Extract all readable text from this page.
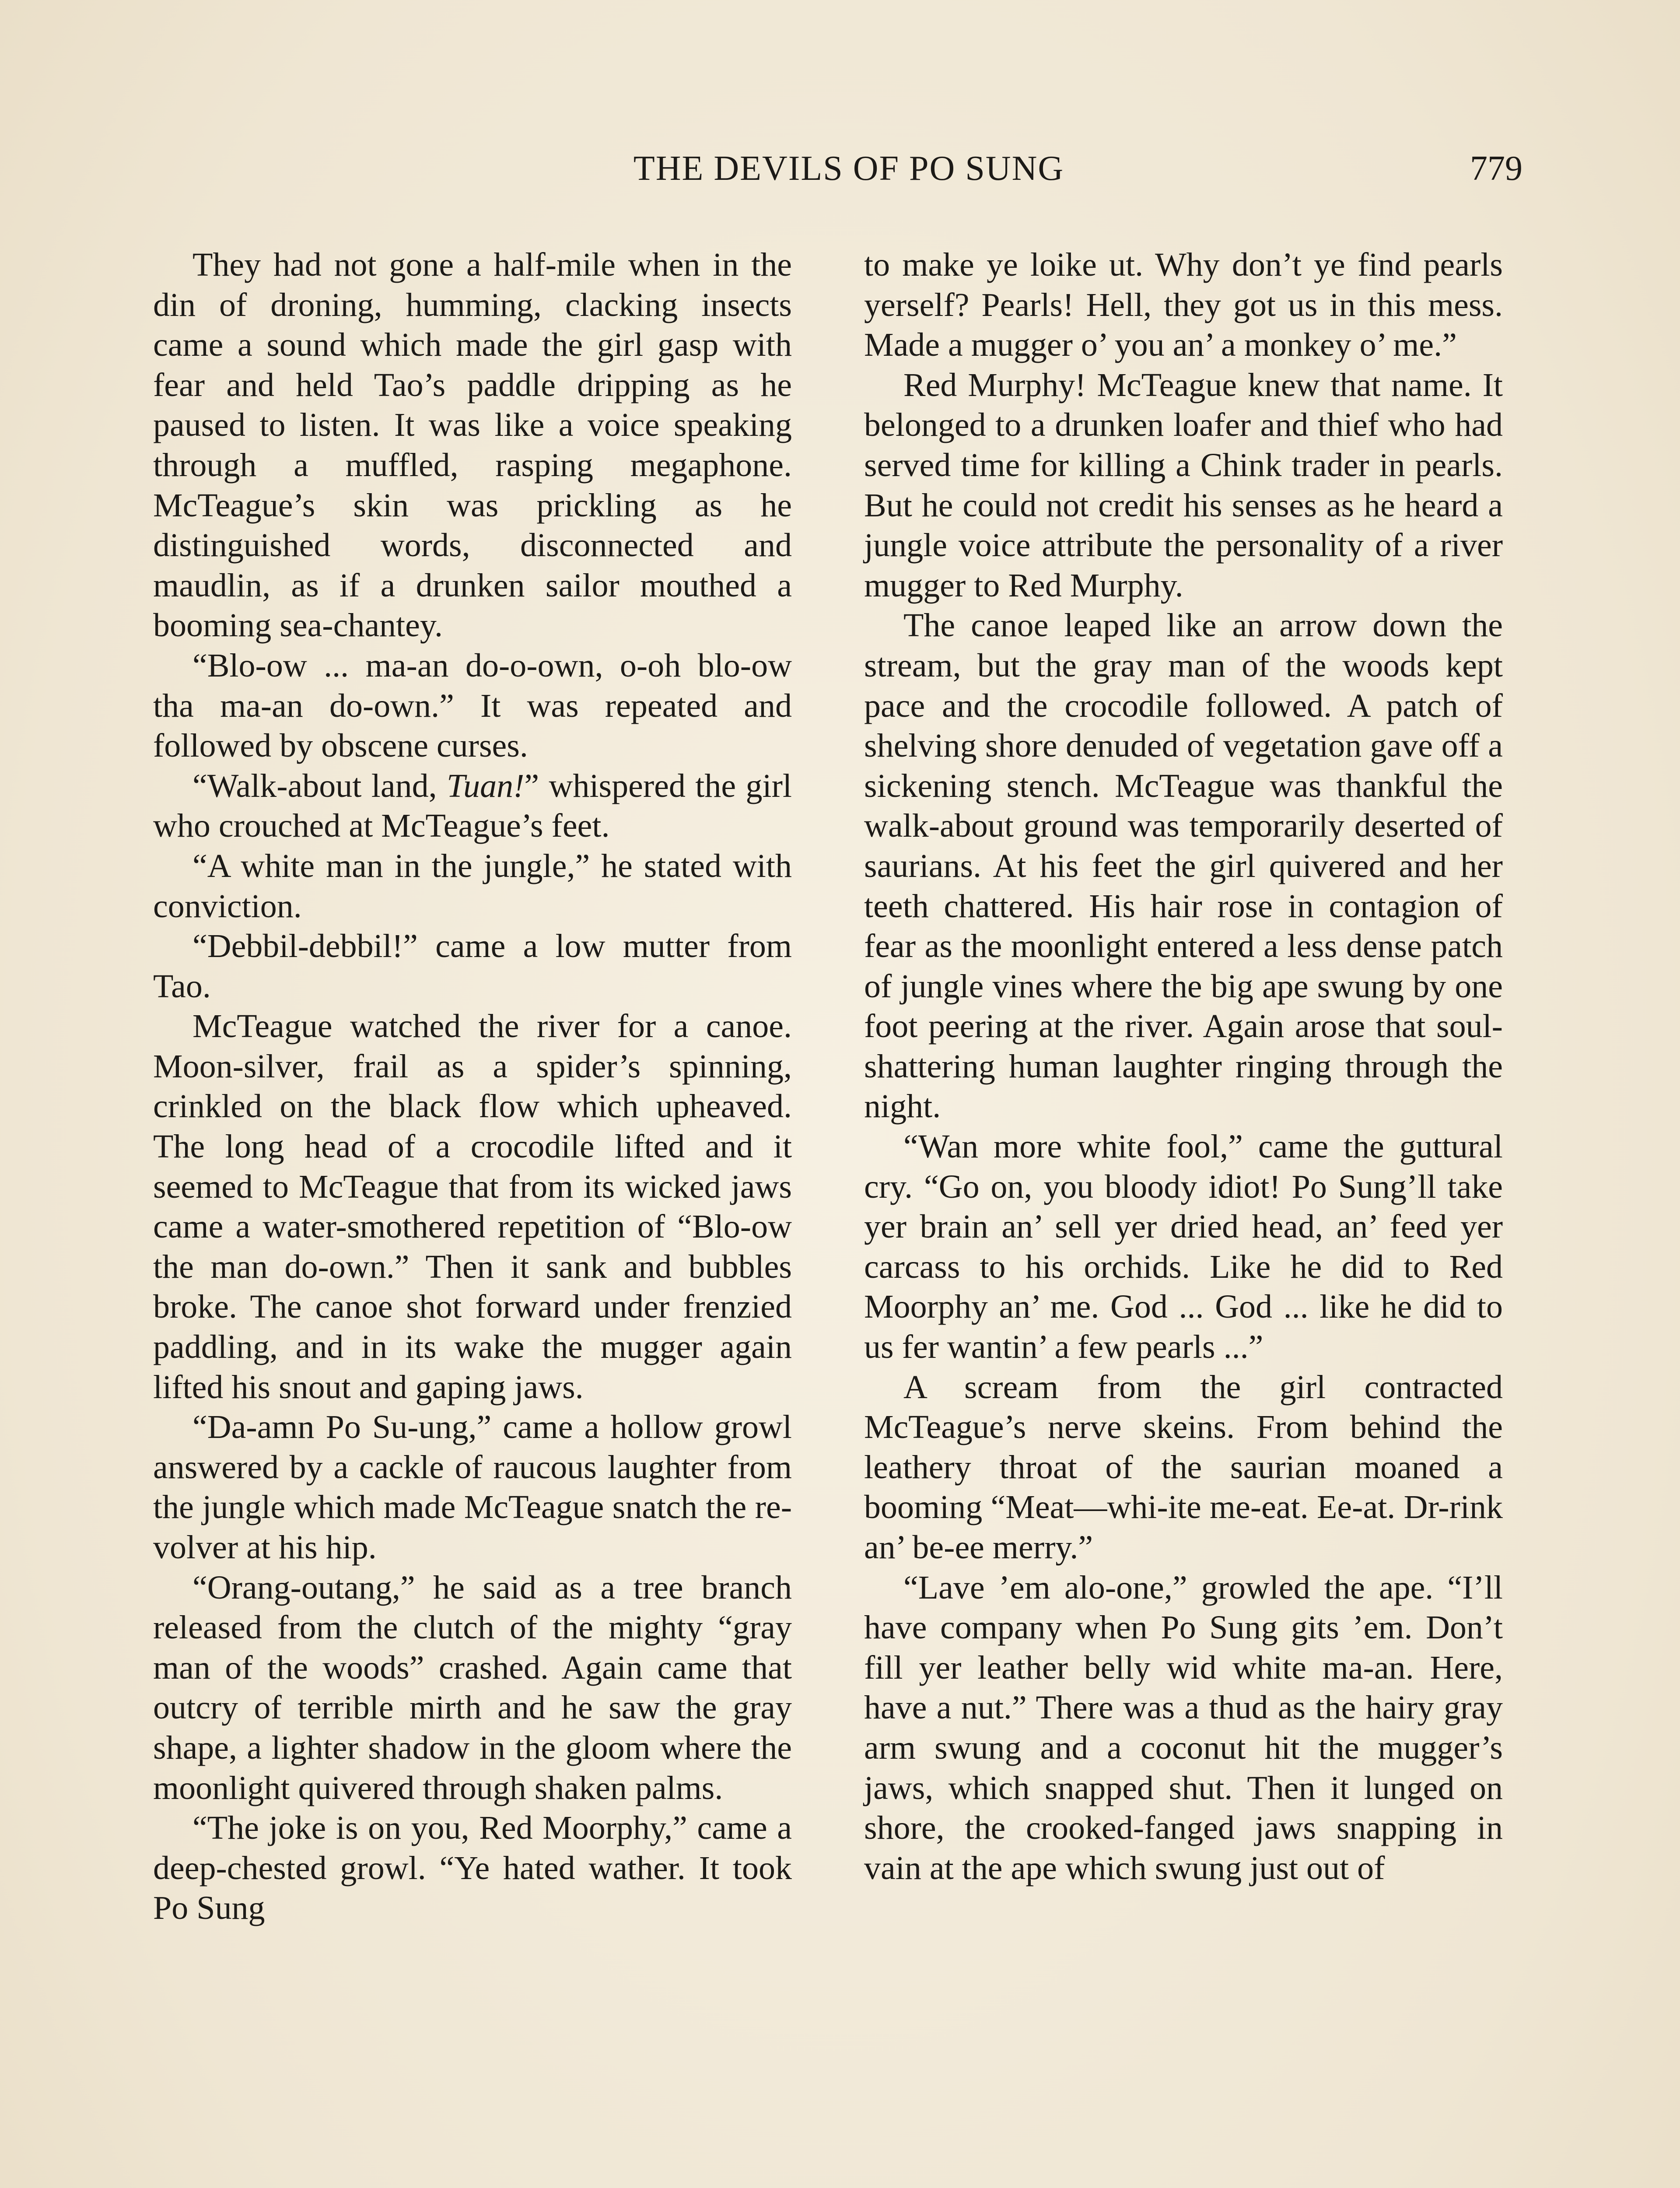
THE DEVILS OF PO SUNG	779

They had not gone a half-mile when in the din of droning, humming, clacking insects came a sound which made the girl gasp with fear and held Tao’s paddle dripping as he paused to listen. It was like a voice speaking through a muffled, rasping megaphone. McTeague’s skin was prickling as he distinguished words, disconnected and maudlin, as if a drunken sailor mouthed a booming sea-chantey.

“Blo-ow ... ma-an do-o-own, o-oh blo-ow tha ma-an do-own.” It was repeated and followed by obscene curses.

“Walk-about land, Tuan!” whispered the girl who crouched at McTeague’s feet.

“A white man in the jungle,” he stated with conviction.

“Debbil-debbil!” came a low mutter from Tao.

McTeague watched the river for a canoe. Moon-silver, frail as a spider’s spinning, crinkled on the black flow which upheaved. The long head of a crocodile lifted and it seemed to McTeague that from its wicked jaws came a water-smothered repetition of “Blo-ow the man do-own.” Then it sank and bubbles broke. The canoe shot forward under frenzied paddling, and in its wake the mugger again lifted his snout and gaping jaws.

“Da-amn Po Su-ung,” came a hollow growl answered by a cackle of raucous laughter from the jungle which made McTeague snatch the revolver at his hip.

“Orang-outang,” he said as a tree branch released from the clutch of the mighty “gray man of the woods” crashed. Again came that outcry of terrible mirth and he saw the gray shape, a lighter shadow in the gloom where the moonlight quivered through shaken palms.

“The joke is on you, Red Moorphy,” came a deep-chested growl. “Ye hated wather. It took Po Sung

to make ye loike ut. Why don’t ye find pearls yerself? Pearls! Hell, they got us in this mess. Made a mugger o’ you an’ a monkey o’ me.”

Red Murphy! McTeague knew that name. It belonged to a drunken loafer and thief who had served time for killing a Chink trader in pearls. But he could not credit his senses as he heard a jungle voice attribute the personality of a river mugger to Red Murphy.

The canoe leaped like an arrow down the stream, but the gray man of the woods kept pace and the crocodile followed. A patch of shelving shore denuded of vegetation gave off a sickening stench. McTeague was thankful the walk-about ground was temporarily deserted of saurians. At his feet the girl quivered and her teeth chattered. His hair rose in contagion of fear as the moonlight entered a less dense patch of jungle vines where the big ape swung by one foot peering at the river. Again arose that soul-shattering human laughter ringing through the night.

“Wan more white fool,” came the guttural cry. “Go on, you bloody idiot! Po Sung’ll take yer brain an’ sell yer dried head, an’ feed yer carcass to his orchids. Like he did to Red Moorphy an’ me. God ... God ... like he did to us fer wantin’ a few pearls ...”

A scream from the girl contracted McTeague’s nerve skeins. From behind the leathery throat of the saurian moaned a booming “Meat—whi-ite me-eat. Ee-at. Dr-rink an’ be-ee merry.”

“Lave ’em alo-one,” growled the ape. “I’ll have company when Po Sung gits ’em. Don’t fill yer leather belly wid white ma-an. Here, have a nut.” There was a thud as the hairy gray arm swung and a coconut hit the mugger’s jaws, which snapped shut. Then it lunged on shore, the crooked-fanged jaws snapping in vain at the ape which swung just out of
